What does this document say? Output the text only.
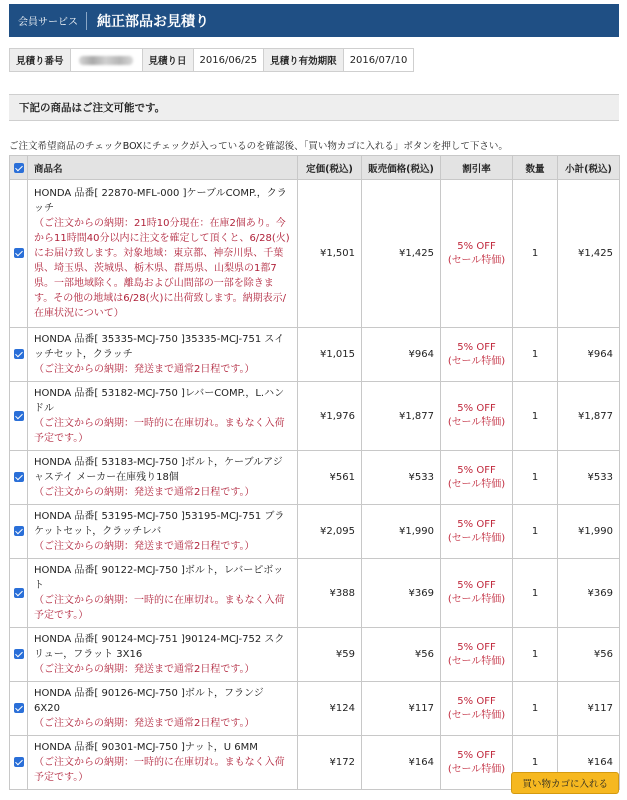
会員サービス	純正部品お見積り
見積り番号	見積り日	2016/06/25	見積り有効期限	2016/07/10
下記の商品はご注文可能です。
ご注文希望商品のチェックBOXにチェックが入っているのを確認後、「買い物カゴに入れる」ボタンを押して下さい。
	商品名	定価(税込)	販売価格(税込)	割引率	数量	小計(税込)
	HONDA 品番[ 22870-MFL-000 ]ケーブルCOMP.，クラッチ
（ご注文からの納期：21時10分現在：在庫2個あり。今から11時間40分以内に注文を確定して頂くと、6/28(火)にお届け致します。対象地域：東京都、神奈川県、千葉県、埼玉県、茨城県、栃木県、群馬県、山梨県の1都7県。一部地域除く。離島および山間部の一部を除きます。その他の地域は6/28(火)に出荷致します。納期表示/在庫状況について）	¥1,501	¥1,425	5% OFF
(セール特価)	1	¥1,425
	HONDA 品番[ 35335-MCJ-750 ]35335-MCJ-751 スイッチセット，クラッチ
（ご注文からの納期：発送まで通常2日程です。）	¥1,015	¥964	5% OFF
(セール特価)	1	¥964
	HONDA 品番[ 53182-MCJ-750 ]レバーCOMP.，L.ハンドル
（ご注文からの納期：一時的に在庫切れ。まもなく入荷予定です。）	¥1,976	¥1,877	5% OFF
(セール特価)	1	¥1,877
	HONDA 品番[ 53183-MCJ-750 ]ボルト，ケーブルアジャステイ メーカー在庫残り18個
（ご注文からの納期：発送まで通常2日程です。）	¥561	¥533	5% OFF
(セール特価)	1	¥533
	HONDA 品番[ 53195-MCJ-750 ]53195-MCJ-751 ブラケットセット，クラッチレバ
（ご注文からの納期：発送まで通常2日程です。）	¥2,095	¥1,990	5% OFF
(セール特価)	1	¥1,990
	HONDA 品番[ 90122-MCJ-750 ]ボルト，レバーピボット
（ご注文からの納期：一時的に在庫切れ。まもなく入荷予定です。）	¥388	¥369	5% OFF
(セール特価)	1	¥369
	HONDA 品番[ 90124-MCJ-751 ]90124-MCJ-752 スクリュー，フラット 3X16
（ご注文からの納期：発送まで通常2日程です。）	¥59	¥56	5% OFF
(セール特価)	1	¥56
	HONDA 品番[ 90126-MCJ-750 ]ボルト，フランジ 6X20
（ご注文からの納期：発送まで通常2日程です。）	¥124	¥117	5% OFF
(セール特価)	1	¥117
	HONDA 品番[ 90301-MCJ-750 ]ナット，U 6MM
（ご注文からの納期：一時的に在庫切れ。まもなく入荷予定です。）	¥172	¥164	5% OFF
(セール特価)	1	¥164
買い物カゴに入れる
